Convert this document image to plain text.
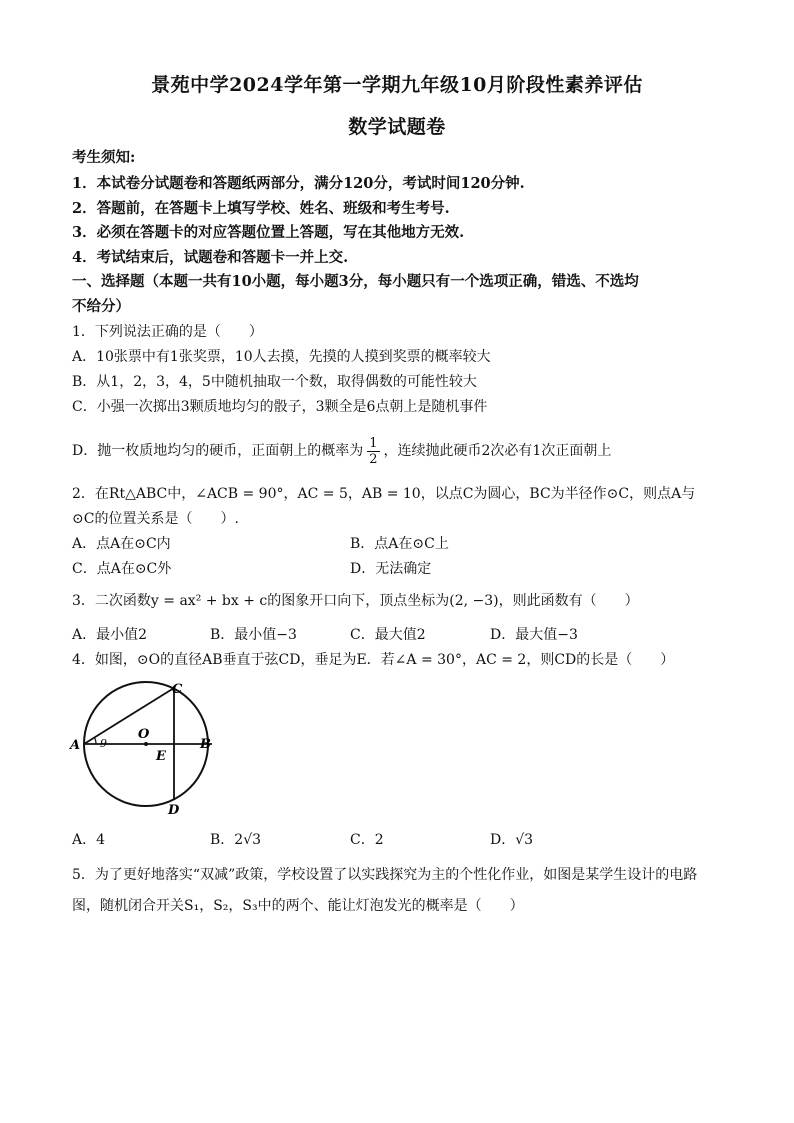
景苑中学2024学年第一学期九年级10月阶段性素养评估
数学试题卷
考生须知:
1．本试卷分试题卷和答题纸两部分，满分120分，考试时间120分钟.
2．答题前，在答题卡上填写学校、姓名、班级和考生考号.
3．必须在答题卡的对应答题位置上答题，写在其他地方无效.
4．考试结束后，试题卷和答题卡一并上交.
一、选择题（本题一共有10小题，每小题3分，每小题只有一个选项正确，错选、不选均
不给分）
1．下列说法正确的是（　　）
A．10张票中有1张奖票，10人去摸，先摸的人摸到奖票的概率较大
B．从1，2，3，4，5中随机抽取一个数，取得偶数的可能性较大
C．小强一次掷出3颗质地均匀的骰子，3颗全是6点朝上是随机事件
D．抛一枚质地均匀的硬币，正面朝上的概率为 $\frac{1}{2}$ ，连续抛此硬币2次必有1次正面朝上
2．在Rt△ABC中，∠ACB = 90°，AC = 5，AB = 10，以点C为圆心，BC为半径作⊙C，则点A与
⊙C的位置关系是（　　）.
A．点A在⊙C内	B．点A在⊙C上
C．点A在⊙C外	D．无法确定
3．二次函数y = ax² + bx + c的图象开口向下，顶点坐标为(2, −3)，则此函数有（　　）
A．最小值2	B．最小值−3	C．最大值2	D．最大值−3
4．如图，⊙O的直径AB垂直于弦CD，垂足为E．若∠A = 30°，AC = 2，则CD的长是（　　）
9
A	B
C
D
O
E
A．4	B．2√3	C．2	D．√3
5．为了更好地落实“双减”政策，学校设置了以实践探究为主的个性化作业，如图是某学生设计的电路
图，随机闭合开关S₁，S₂，S₃中的两个、能让灯泡发光的概率是（　　）
